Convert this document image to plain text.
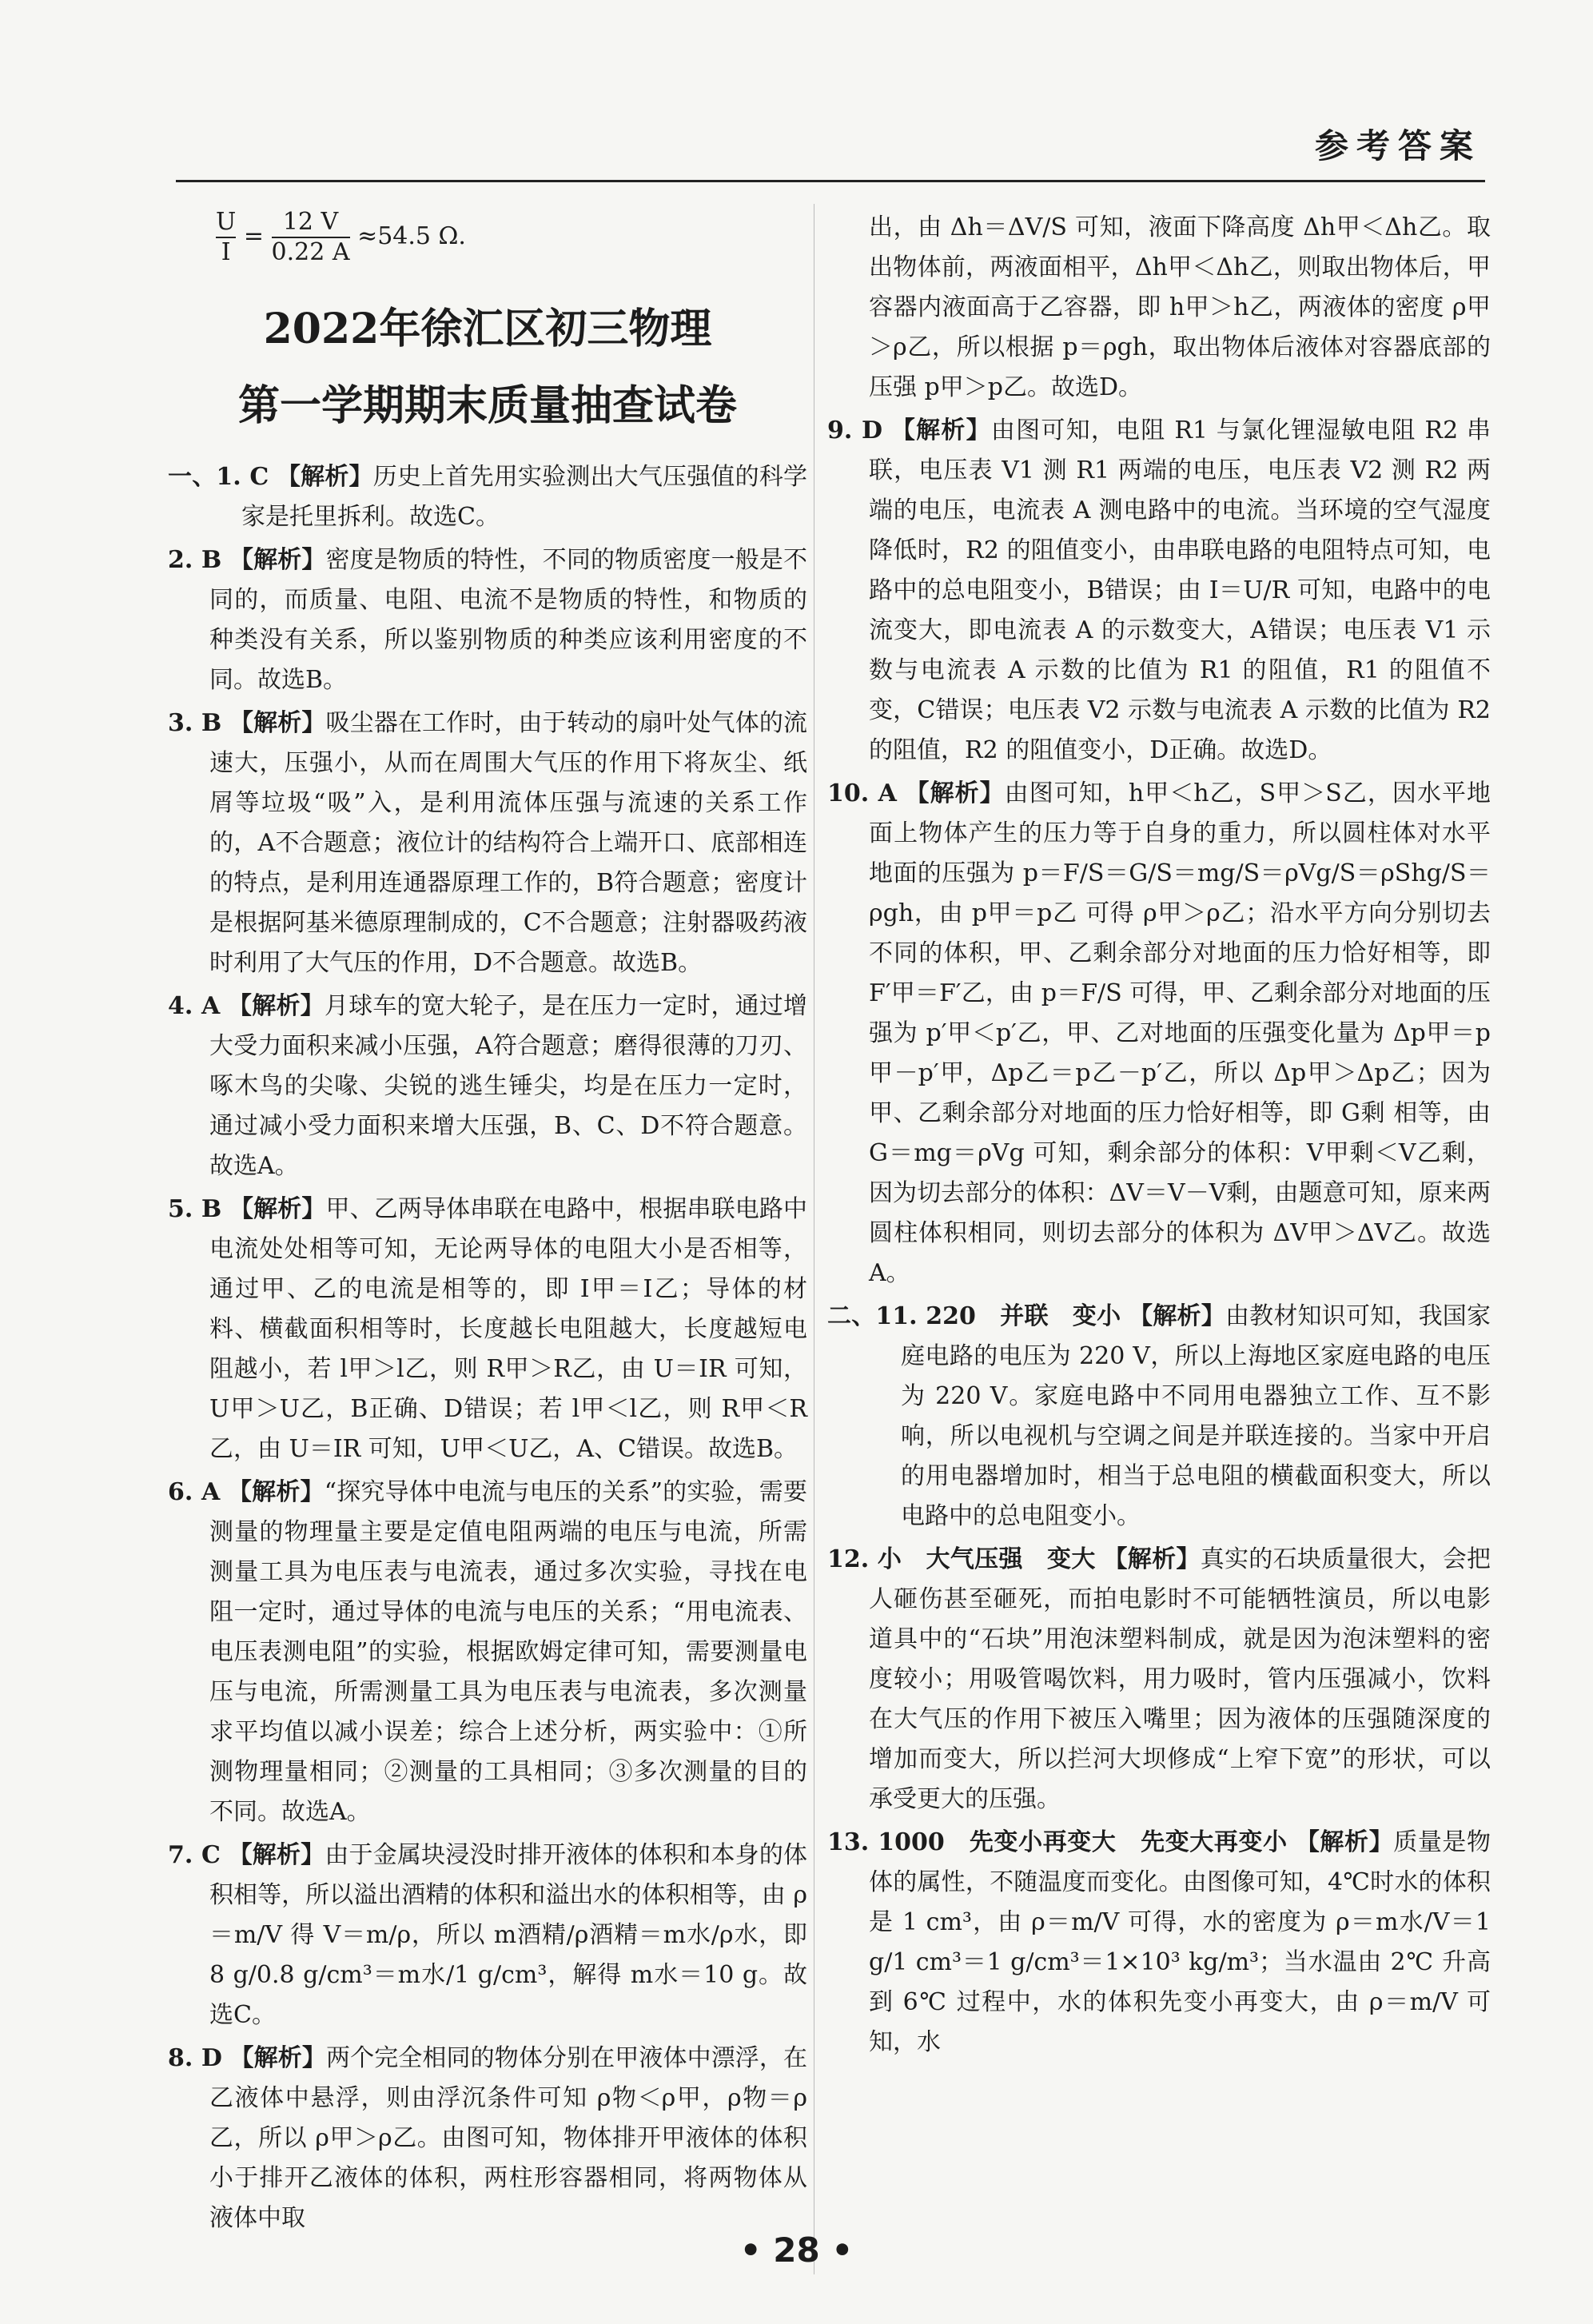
参考答案
$\frac{U}{I} = \frac{12 V}{0.22 A} \approx 54.5$ Ω.
2022年徐汇区初三物理
第一学期期末质量抽查试卷
一、1. C 【解析】历史上首先用实验测出大气压强值的科学家是托里拆利。故选C。
2. B 【解析】密度是物质的特性，不同的物质密度一般是不同的，而质量、电阻、电流不是物质的特性，和物质的种类没有关系，所以鉴别物质的种类应该利用密度的不同。故选B。
3. B 【解析】吸尘器在工作时，由于转动的扇叶处气体的流速大，压强小，从而在周围大气压的作用下将灰尘、纸屑等垃圾“吸”入，是利用流体压强与流速的关系工作的，A不合题意；液位计的结构符合上端开口、底部相连的特点，是利用连通器原理工作的，B符合题意；密度计是根据阿基米德原理制成的，C不合题意；注射器吸药液时利用了大气压的作用，D不合题意。故选B。
4. A 【解析】月球车的宽大轮子，是在压力一定时，通过增大受力面积来减小压强，A符合题意；磨得很薄的刀刃、啄木鸟的尖喙、尖锐的逃生锤尖，均是在压力一定时，通过减小受力面积来增大压强，B、C、D不符合题意。故选A。
5. B 【解析】甲、乙两导体串联在电路中，根据串联电路中电流处处相等可知，无论两导体的电阻大小是否相等，通过甲、乙的电流是相等的，即 I甲＝I乙；导体的材料、横截面积相等时，长度越长电阻越大，长度越短电阻越小，若 l甲＞l乙，则 R甲＞R乙，由 U＝IR 可知，U甲＞U乙，B正确、D错误；若 l甲＜l乙，则 R甲＜R乙，由 U＝IR 可知，U甲＜U乙，A、C错误。故选B。
6. A 【解析】“探究导体中电流与电压的关系”的实验，需要测量的物理量主要是定值电阻两端的电压与电流，所需测量工具为电压表与电流表，通过多次实验，寻找在电阻一定时，通过导体的电流与电压的关系；“用电流表、电压表测电阻”的实验，根据欧姆定律可知，需要测量电压与电流，所需测量工具为电压表与电流表，多次测量求平均值以减小误差；综合上述分析，两实验中：①所测物理量相同；②测量的工具相同；③多次测量的目的不同。故选A。
7. C 【解析】由于金属块浸没时排开液体的体积和本身的体积相等，所以溢出酒精的体积和溢出水的体积相等，由 ρ＝m/V 得 V＝m/ρ，所以 m酒精/ρ酒精＝m水/ρ水，即 8 g/0.8 g/cm³＝m水/1 g/cm³，解得 m水＝10 g。故选C。
8. D 【解析】两个完全相同的物体分别在甲液体中漂浮，在乙液体中悬浮，则由浮沉条件可知 ρ物＜ρ甲，ρ物＝ρ乙，所以 ρ甲＞ρ乙。由图可知，物体排开甲液体的体积小于排开乙液体的体积，两柱形容器相同，将两物体从液体中取
出，由 Δh＝ΔV/S 可知，液面下降高度 Δh甲＜Δh乙。取出物体前，两液面相平，Δh甲＜Δh乙，则取出物体后，甲容器内液面高于乙容器，即 h甲＞h乙，两液体的密度 ρ甲＞ρ乙，所以根据 p＝ρgh，取出物体后液体对容器底部的压强 p甲＞p乙。故选D。
9. D 【解析】由图可知，电阻 R1 与氯化锂湿敏电阻 R2 串联，电压表 V1 测 R1 两端的电压，电压表 V2 测 R2 两端的电压，电流表 A 测电路中的电流。当环境的空气湿度降低时，R2 的阻值变小，由串联电路的电阻特点可知，电路中的总电阻变小，B错误；由 I＝U/R 可知，电路中的电流变大，即电流表 A 的示数变大，A错误；电压表 V1 示数与电流表 A 示数的比值为 R1 的阻值，R1 的阻值不变，C错误；电压表 V2 示数与电流表 A 示数的比值为 R2 的阻值，R2 的阻值变小，D正确。故选D。
10. A 【解析】由图可知，h甲＜h乙，S甲＞S乙，因水平地面上物体产生的压力等于自身的重力，所以圆柱体对水平地面的压强为 p＝F/S＝G/S＝mg/S＝ρVg/S＝ρShg/S＝ρgh，由 p甲＝p乙 可得 ρ甲＞ρ乙；沿水平方向分别切去不同的体积，甲、乙剩余部分对地面的压力恰好相等，即 F′甲＝F′乙，由 p＝F/S 可得，甲、乙剩余部分对地面的压强为 p′甲＜p′乙，甲、乙对地面的压强变化量为 Δp甲＝p甲－p′甲，Δp乙＝p乙－p′乙，所以 Δp甲＞Δp乙；因为甲、乙剩余部分对地面的压力恰好相等，即 G剩 相等，由 G＝mg＝ρVg 可知，剩余部分的体积：V甲剩＜V乙剩，因为切去部分的体积：ΔV＝V－V剩，由题意可知，原来两圆柱体积相同，则切去部分的体积为 ΔV甲＞ΔV乙。故选A。
二、11. 220　并联　变小 【解析】由教材知识可知，我国家庭电路的电压为 220 V，所以上海地区家庭电路的电压为 220 V。家庭电路中不同用电器独立工作、互不影响，所以电视机与空调之间是并联连接的。当家中开启的用电器增加时，相当于总电阻的横截面积变大，所以电路中的总电阻变小。
12. 小　大气压强　变大 【解析】真实的石块质量很大，会把人砸伤甚至砸死，而拍电影时不可能牺牲演员，所以电影道具中的“石块”用泡沫塑料制成，就是因为泡沫塑料的密度较小；用吸管喝饮料，用力吸时，管内压强减小，饮料在大气压的作用下被压入嘴里；因为液体的压强随深度的增加而变大，所以拦河大坝修成“上窄下宽”的形状，可以承受更大的压强。
13. 1000　先变小再变大　先变大再变小 【解析】质量是物体的属性，不随温度而变化。由图像可知，4℃时水的体积是 1 cm³，由 ρ＝m/V 可得，水的密度为 ρ＝m水/V＝1 g/1 cm³＝1 g/cm³＝1×10³ kg/m³；当水温由 2℃ 升高到 6℃ 过程中，水的体积先变小再变大，由 ρ＝m/V 可知，水
• 28 •
